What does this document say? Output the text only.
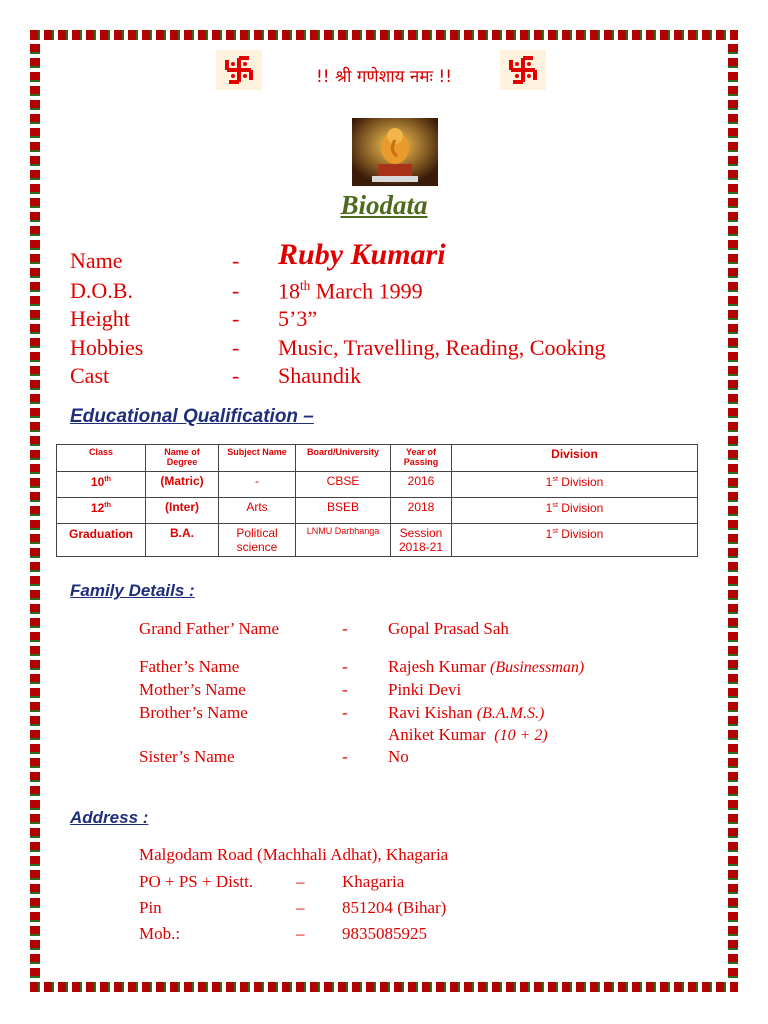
!! श्री गणेशाय नमः !!
Biodata
Name	- Ruby Kumari
D.O.B.	- 18th March 1999
Height	- 5’3”
Hobbies	- Music, Travelling, Reading, Cooking
Cast	- Shaundik
Educational Qualification –
Class	Name of Degree	Subject Name	Board/University	Year of Passing	Division
10th	(Matric)	-	CBSE	2016	1st Division
12th	(Inter)	Arts	BSEB	2018	1st Division
Graduation	B.A.	Political science	LNMU Darbhanga	Session 2018-21	1st Division
Family Details :
Grand Father’ Name	- Gopal Prasad Sah
Father’s Name	- Rajesh Kumar (Businessman)
Mother’s Name	- Pinki Devi
Brother’s Name	- Ravi Kishan (B.A.M.S.)
Aniket Kumar (10 + 2)
Sister’s Name	- No
Address :
Malgodam Road (Machhali Adhat), Khagaria
PO + PS + Distt.	– Khagaria
Pin	– 851204 (Bihar)
Mob.:	– 9835085925
